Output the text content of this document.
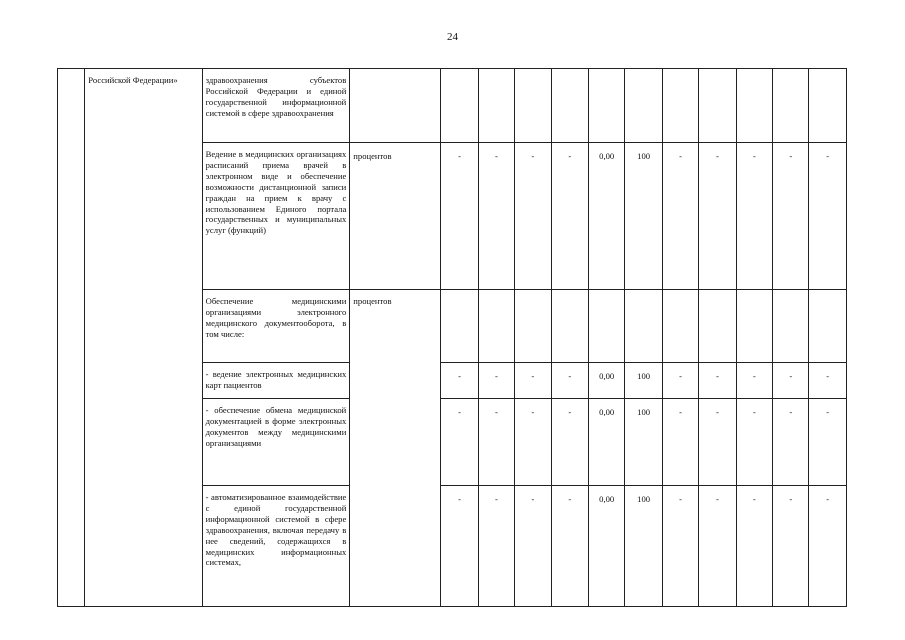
24
	Российской Федерации»	здравоохранения субъектов Российской Федерации и единой государственной информационной системой в сфере здравоохранения												
		Ведение в медицинских организациях расписаний приема врачей в электронном виде и обеспечение возможности дистанционной записи граждан на прием к врачу с использованием Единого портала государственных и муниципальных услуг (функций)	процентов	-	-	-	-	0,00	100	-	-	-	-	-
		Обеспечение медицинскими организациями электронного медицинского документооборота, в том числе:	процентов											
		- ведение электронных медицинских карт пациентов		-	-	-	-	0,00	100	-	-	-	-	-
		- обеспечение обмена медицинской документацией в форме электронных документов между медицинскими организациями		-	-	-	-	0,00	100	-	-	-	-	-
		- автоматизированное взаимодействие с единой государственной информационной системой в сфере здравоохранения, включая передачу в нее сведений, содержащихся в медицинских информационных системах,		-	-	-	-	0,00	100	-	-	-	-	-
